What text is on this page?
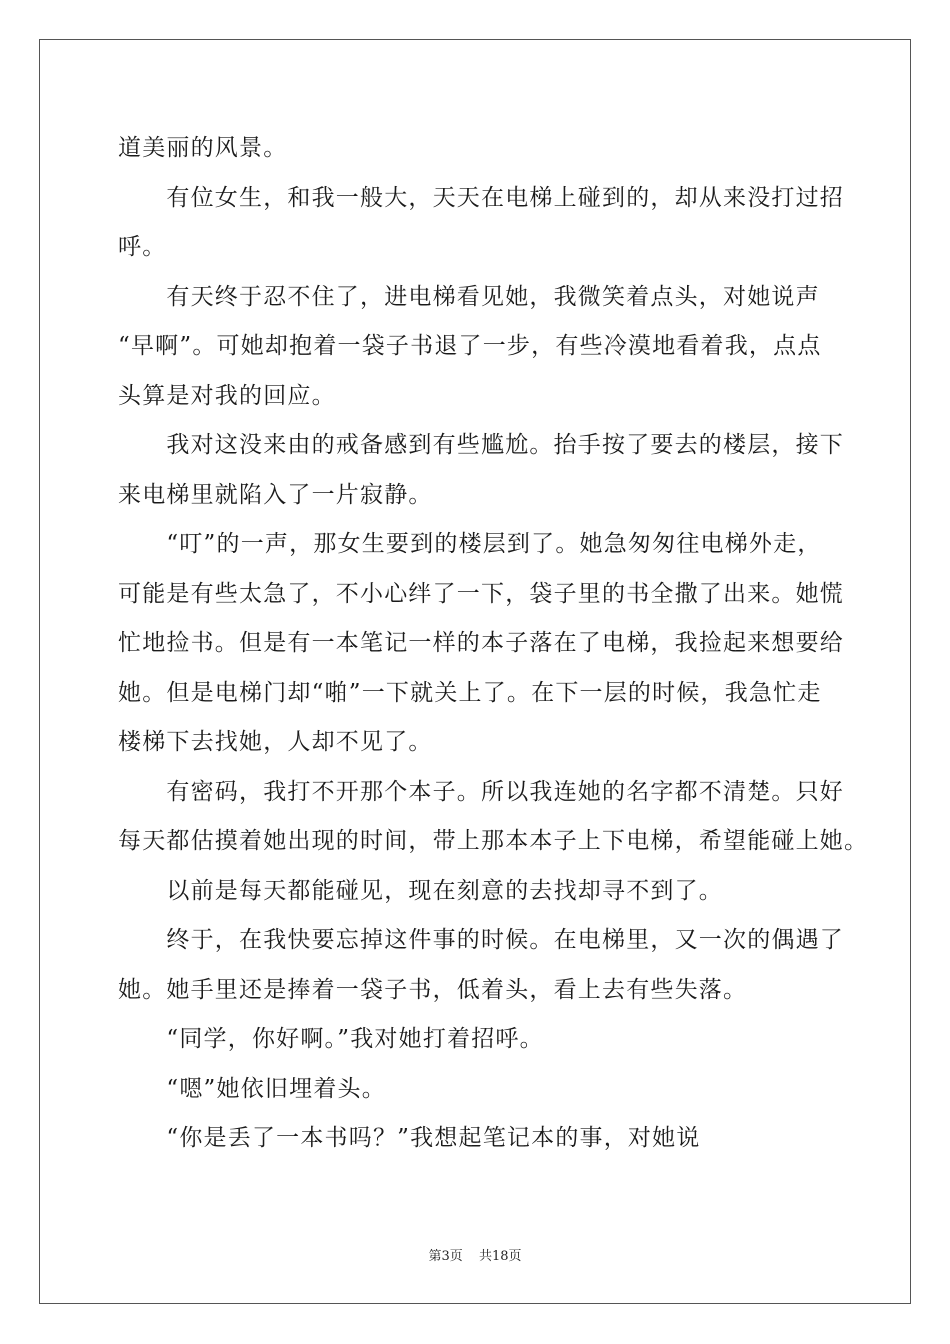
道美丽的风景。
　　有位女生，和我一般大，天天在电梯上碰到的，却从来没打过招
呼。
　　有天终于忍不住了，进电梯看见她，我微笑着点头，对她说声
“早啊”。可她却抱着一袋子书退了一步，有些冷漠地看着我，点点
头算是对我的回应。
　　我对这没来由的戒备感到有些尴尬。抬手按了要去的楼层，接下
来电梯里就陷入了一片寂静。
　　“叮”的一声，那女生要到的楼层到了。她急匆匆往电梯外走，
可能是有些太急了，不小心绊了一下，袋子里的书全撒了出来。她慌
忙地捡书。但是有一本笔记一样的本子落在了电梯，我捡起来想要给
她。但是电梯门却“啪”一下就关上了。在下一层的时候，我急忙走
楼梯下去找她，人却不见了。
　　有密码，我打不开那个本子。所以我连她的名字都不清楚。只好
每天都估摸着她出现的时间，带上那本本子上下电梯，希望能碰上她。
　　以前是每天都能碰见，现在刻意的去找却寻不到了。
　　终于，在我快要忘掉这件事的时候。在电梯里，又一次的偶遇了
她。她手里还是捧着一袋子书，低着头，看上去有些失落。
　　“同学，你好啊。”我对她打着招呼。
　　“嗯”她依旧埋着头。
　　“你是丢了一本书吗？”我想起笔记本的事，对她说
第3页 共18页
